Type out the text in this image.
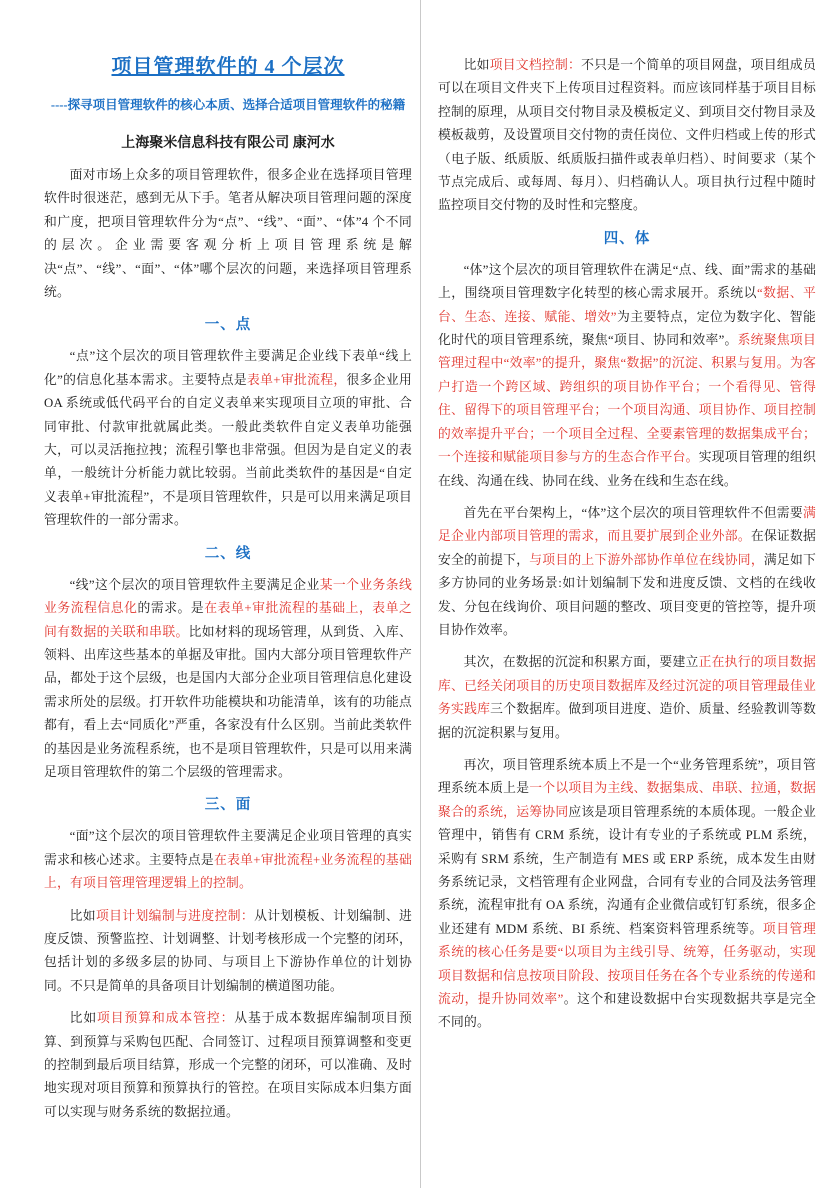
项目管理软件的 4 个层次
----探寻项目管理软件的核心本质、选择合适项目管理软件的秘籍
上海聚米信息科技有限公司 康河水

面对市场上众多的项目管理软件，很多企业在选择项目管理软件时很迷茫，感到无从下手。笔者从解决项目管理问题的深度和广度，把项目管理软件分为“点”、“线”、“面”、“体”4 个不同的层次。企业需要客观分析上项目管理系统是解决“点”、“线”、“面”、“体”哪个层次的问题，来选择项目管理系统。

一、点

“点”这个层次的项目管理软件主要满足企业线下表单“线上化”的信息化基本需求。主要特点是表单+审批流程，很多企业用 OA 系统或低代码平台的自定义表单来实现项目立项的审批、合同审批、付款审批就属此类。一般此类软件自定义表单功能强大，可以灵活拖拉拽；流程引擎也非常强。但因为是自定义的表单，一般统计分析能力就比较弱。当前此类软件的基因是“自定义表单+审批流程”，不是项目管理软件，只是可以用来满足项目管理软件的一部分需求。

二、线

“线”这个层次的项目管理软件主要满足企业某一个业务条线业务流程信息化的需求。是在表单+审批流程的基础上，表单之间有数据的关联和串联。比如材料的现场管理，从到货、入库、领料、出库这些基本的单据及审批。国内大部分项目管理软件产品，都处于这个层级，也是国内大部分企业项目管理信息化建设需求所处的层级。打开软件功能模块和功能清单，该有的功能点都有，看上去“同质化”严重，各家没有什么区别。当前此类软件的基因是业务流程系统，也不是项目管理软件，只是可以用来满足项目管理软件的第二个层级的管理需求。

三、面

“面”这个层次的项目管理软件主要满足企业项目管理的真实需求和核心述求。主要特点是在表单+审批流程+业务流程的基础上，有项目管理管理逻辑上的控制。

比如项目计划编制与进度控制：从计划模板、计划编制、进度反馈、预警监控、计划调整、计划考核形成一个完整的闭环，包括计划的多级多层的协同、与项目上下游协作单位的计划协同。不只是简单的具备项目计划编制的横道图功能。

比如项目预算和成本管控：从基于成本数据库编制项目预算、到预算与采购包匹配、合同签订、过程项目预算调整和变更的控制到最后项目结算，形成一个完整的闭环，可以准确、及时地实现对项目预算和预算执行的管控。在项目实际成本归集方面可以实现与财务系统的数据拉通。

比如项目文档控制：不只是一个简单的项目网盘，项目组成员可以在项目文件夹下上传项目过程资料。而应该同样基于项目目标控制的原理，从项目交付物目录及模板定义、到项目交付物目录及模板裁剪，及设置项目交付物的责任岗位、文件归档或上传的形式（电子版、纸质版、纸质版扫描件或表单归档）、时间要求（某个节点完成后、或每周、每月）、归档确认人。项目执行过程中随时监控项目交付物的及时性和完整度。

四、体

“体”这个层次的项目管理软件在满足“点、线、面”需求的基础上，围绕项目管理数字化转型的核心需求展开。系统以“数据、平台、生态、连接、赋能、增效”为主要特点，定位为数字化、智能化时代的项目管理系统，聚焦“项目、协同和效率”。系统聚焦项目管理过程中“效率”的提升，聚焦“数据”的沉淀、积累与复用。为客户打造一个跨区域、跨组织的项目协作平台；一个看得见、管得住、留得下的项目管理平台；一个项目沟通、项目协作、项目控制的效率提升平台；一个项目全过程、全要素管理的数据集成平台；一个连接和赋能项目参与方的生态合作平台。实现项目管理的组织在线、沟通在线、协同在线、业务在线和生态在线。

首先在平台架构上，“体”这个层次的项目管理软件不但需要满足企业内部项目管理的需求，而且要扩展到企业外部。在保证数据安全的前提下，与项目的上下游外部协作单位在线协同，满足如下多方协同的业务场景:如计划编制下发和进度反馈、文档的在线收发、分包在线询价、项目问题的整改、项目变更的管控等，提升项目协作效率。

其次，在数据的沉淀和积累方面，要建立正在执行的项目数据库、已经关闭项目的历史项目数据库及经过沉淀的项目管理最佳业务实践库三个数据库。做到项目进度、造价、质量、经验教训等数据的沉淀积累与复用。

再次，项目管理系统本质上不是一个“业务管理系统”，项目管理系统本质上是一个以项目为主线、数据集成、串联、拉通，数据聚合的系统，运筹协同应该是项目管理系统的本质体现。一般企业管理中，销售有 CRM 系统，设计有专业的子系统或 PLM 系统，采购有 SRM 系统，生产制造有 MES 或 ERP 系统，成本发生由财务系统记录，文档管理有企业网盘，合同有专业的合同及法务管理系统，流程审批有 OA 系统，沟通有企业微信或钉钉系统，很多企业还建有 MDM 系统、BI 系统、档案资料管理系统等。项目管理系统的核心任务是要“以项目为主线引导、统筹，任务驱动，实现项目数据和信息按项目阶段、按项目任务在各个专业系统的传递和流动，提升协同效率”。这个和建设数据中台实现数据共享是完全不同的。
